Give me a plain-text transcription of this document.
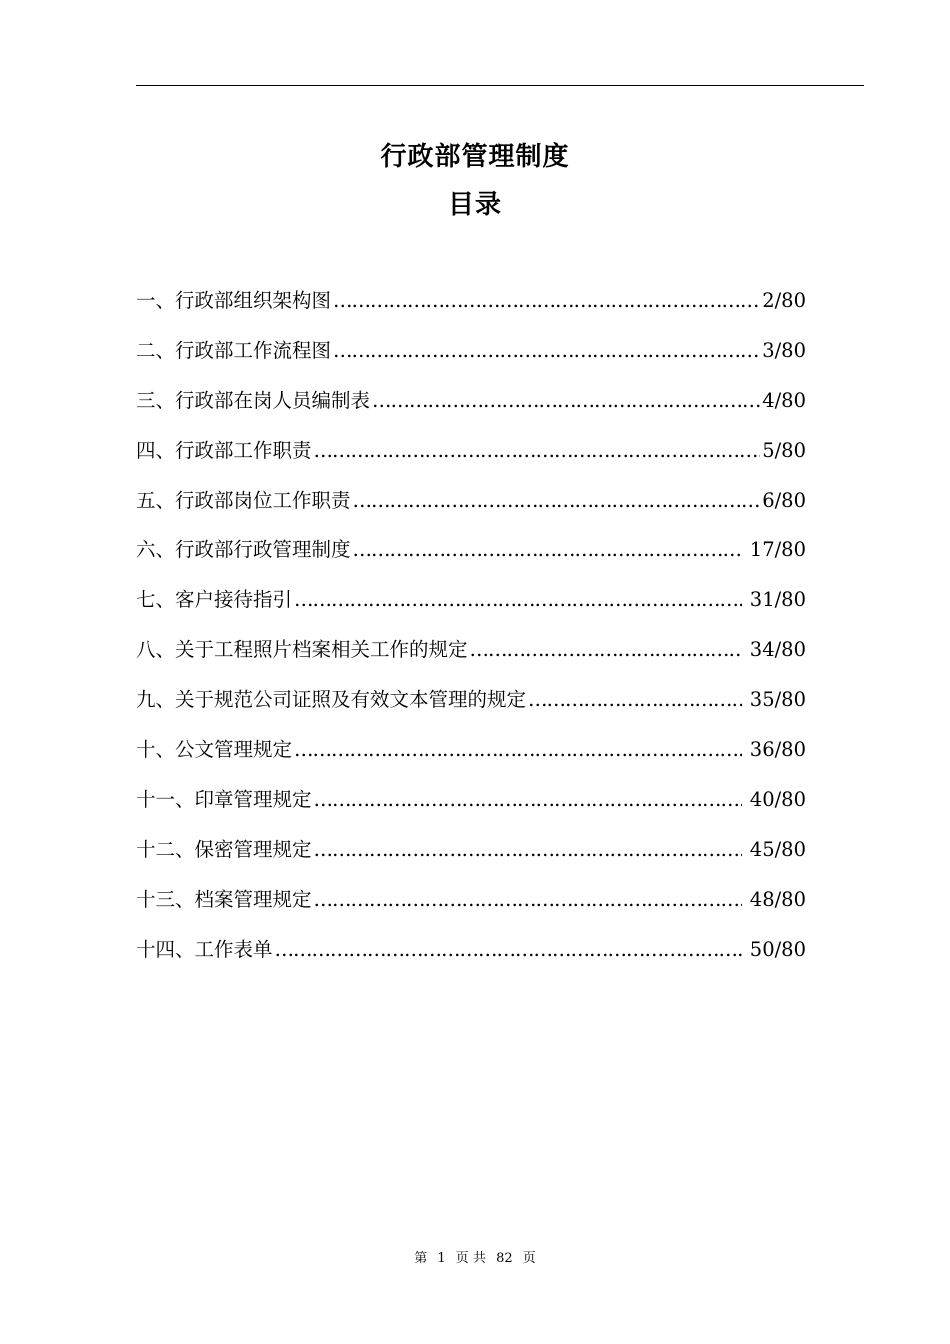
行政部管理制度
目录
一、行政部组织架构图 ……………………………………………………………………………………………………………	2/80
二、行政部工作流程图 ……………………………………………………………………………………………………………	3/80
三、行政部在岗人员编制表 ……………………………………………………………………………………………………………	4/80
四、行政部工作职责 ……………………………………………………………………………………………………………	5/80
五、行政部岗位工作职责 ……………………………………………………………………………………………………………	6/80
六、行政部行政管理制度 ……………………………………………………………………………………………………………	17/80
七、客户接待指引 ……………………………………………………………………………………………………………	31/80
八、关于工程照片档案相关工作的规定 ……………………………………………………………………………………………………………	34/80
九、关于规范公司证照及有效文本管理的规定 ……………………………………………………………………………………………………………	35/80
十、公文管理规定 ……………………………………………………………………………………………………………	36/80
十一、印章管理规定 ……………………………………………………………………………………………………………	40/80
十二、保密管理规定 ……………………………………………………………………………………………………………	45/80
十三、档案管理规定 ……………………………………………………………………………………………………………	48/80
十四、工作表单 ……………………………………………………………………………………………………………	50/80
第 1 页 共 82 页
